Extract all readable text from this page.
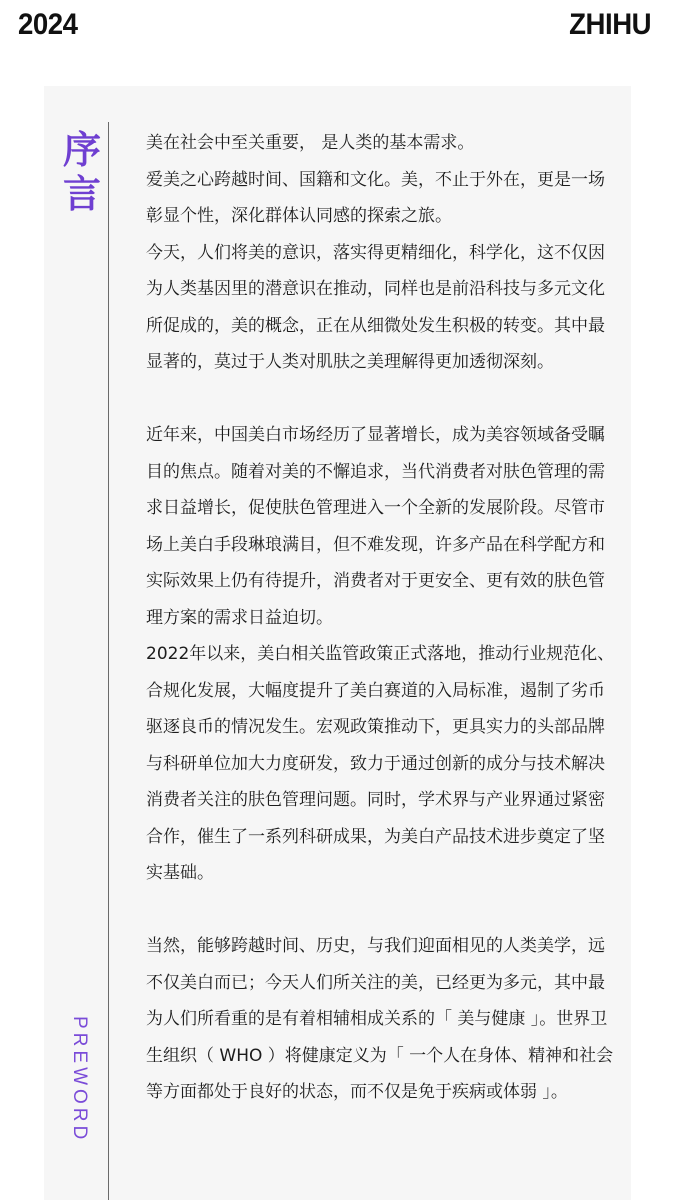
2024	ZHIHU
序
言
PREWORD

美在社会中至关重要， 是人类的基本需求。

爱美之心跨越时间、国籍和文化。美，不止于外在，更是一场彰显个性，深化群体认同感的探索之旅。

今天，人们将美的意识，落实得更精细化，科学化，这不仅因为人类基因里的潜意识在推动，同样也是前沿科技与多元文化所促成的，美的概念，正在从细微处发生积极的转变。其中最显著的，莫过于人类对肌肤之美理解得更加透彻深刻。

近年来，中国美白市场经历了显著增长，成为美容领域备受瞩目的焦点。随着对美的不懈追求，当代消费者对肤色管理的需求日益增长，促使肤色管理进入一个全新的发展阶段。尽管市场上美白手段琳琅满目，但不难发现，许多产品在科学配方和实际效果上仍有待提升，消费者对于更安全、更有效的肤色管理方案的需求日益迫切。

2022年以来，美白相关监管政策正式落地，推动行业规范化、合规化发展，大幅度提升了美白赛道的入局标准，遏制了劣币驱逐良币的情况发生。宏观政策推动下，更具实力的头部品牌与科研单位加大力度研发，致力于通过创新的成分与技术解决消费者关注的肤色管理问题。同时，学术界与产业界通过紧密合作，催生了一系列科研成果，为美白产品技术进步奠定了坚实基础。

当然，能够跨越时间、历史，与我们迎面相见的人类美学，远不仅美白而已；今天人们所关注的美，已经更为多元，其中最为人们所看重的是有着相辅相成关系的「 美与健康 」。世界卫生组织（ WHO ）将健康定义为「 一个人在身体、精神和社会等方面都处于良好的状态，而不仅是免于疾病或体弱 」。
